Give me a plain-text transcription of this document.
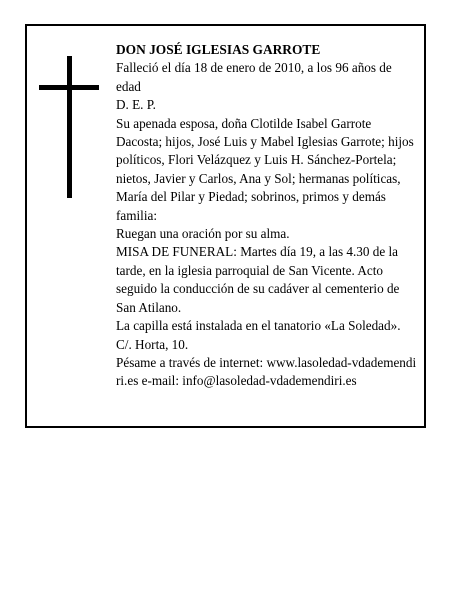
DON JOSÉ IGLESIAS GARROTE

Falleció el día 18 de enero de 2010, a los 96 años de edad

D. E. P.

Su apenada esposa, doña Clotilde Isabel Garrote Dacosta; hijos, José Luis y Mabel Iglesias Garrote; hijos políticos, Flori Velázquez y Luis H. Sánchez-Portela; nietos, Javier y Carlos, Ana y Sol; hermanas políticas, María del Pilar y Piedad; sobrinos, primos y demás familia:

Ruegan una oración por su alma.

MISA DE FUNERAL: Martes día 19, a las 4.30 de la tarde, en la iglesia parroquial de San Vicente. Acto seguido la conducción de su cadáver al cementerio de San Atilano.

La capilla está instalada en el tanatorio «La Soledad». C/. Horta, 10.

Pésame a través de internet: www.lasoledad-vdademendiri.es e-mail: info@lasoledad-vdademendiri.es
